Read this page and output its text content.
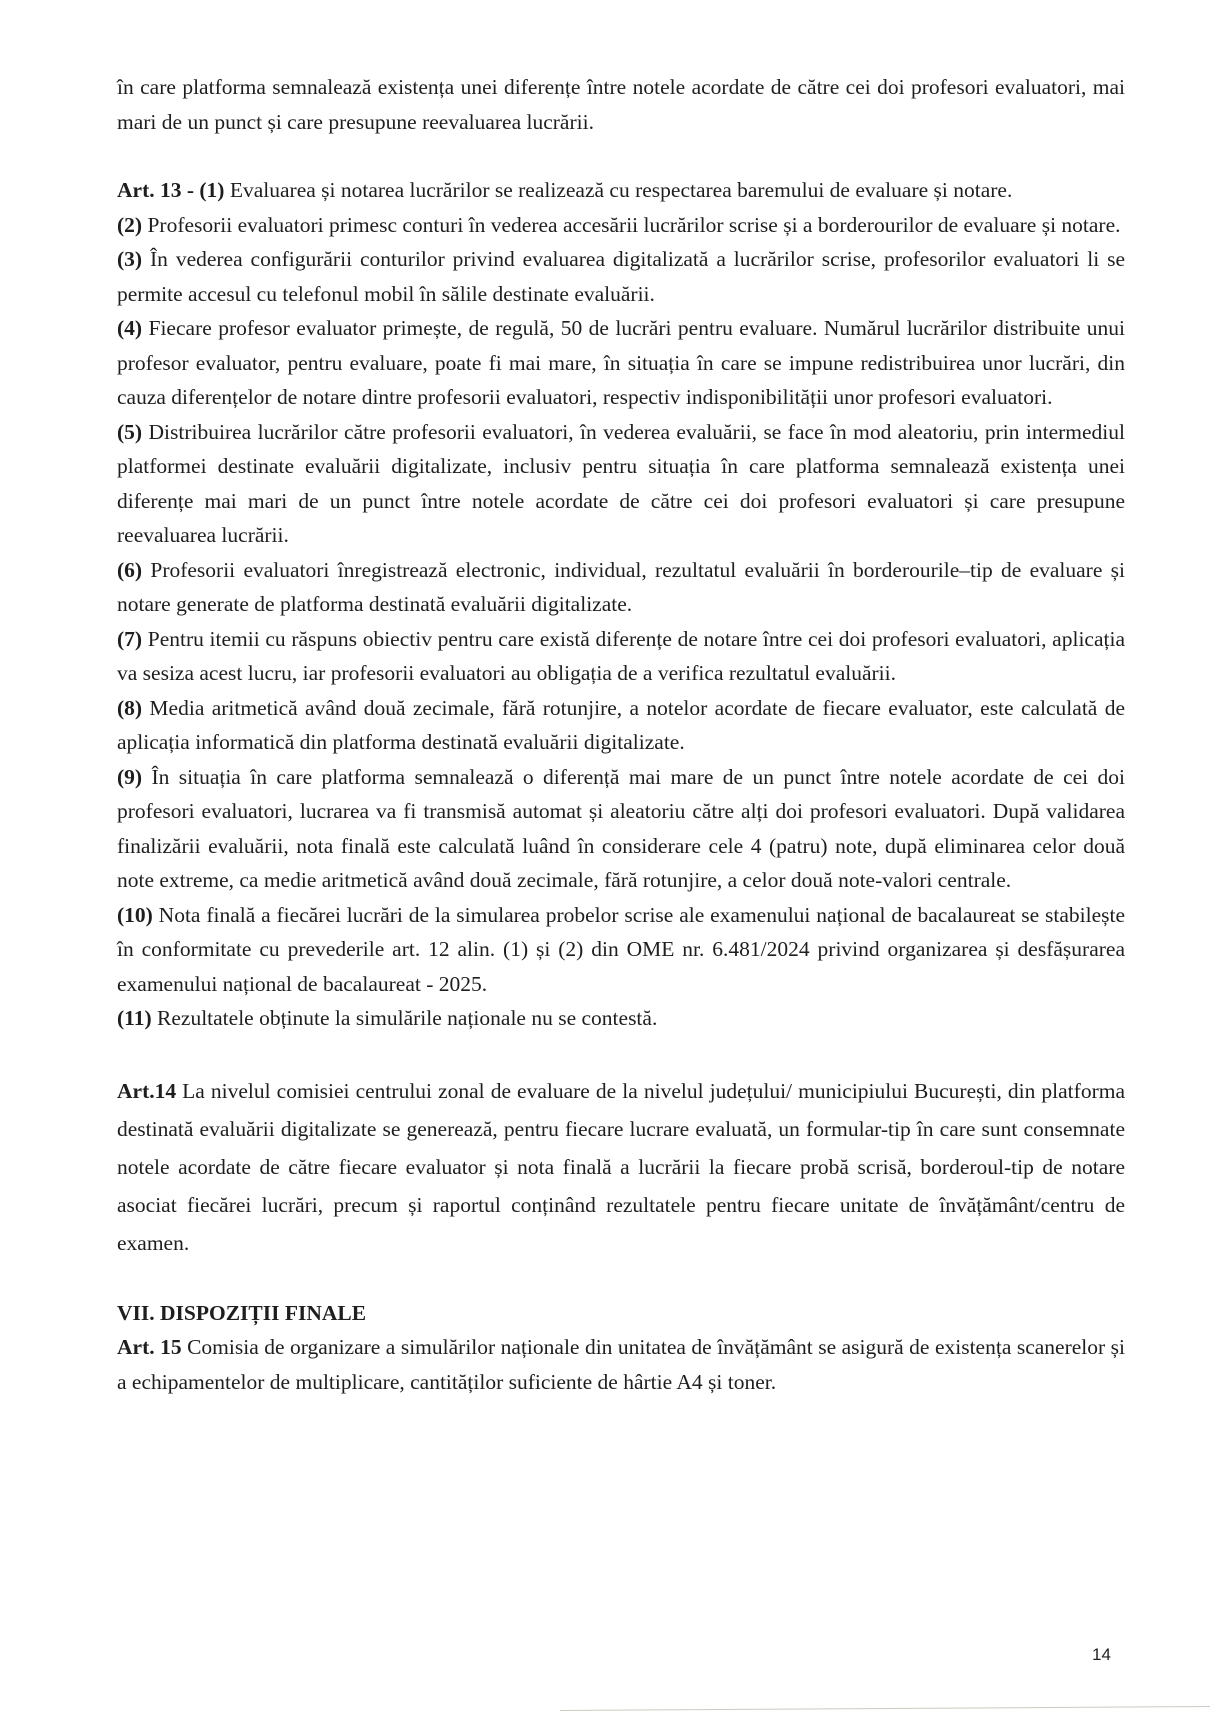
în care platforma semnalează existența unei diferențe între notele acordate de către cei doi profesori evaluatori, mai mari de un punct și care presupune reevaluarea lucrării.

Art. 13 - (1) Evaluarea și notarea lucrărilor se realizează cu respectarea baremului de evaluare și notare.

(2) Profesorii evaluatori primesc conturi în vederea accesării lucrărilor scrise și a borderourilor de evaluare și notare.

(3) În vederea configurării conturilor privind evaluarea digitalizată a lucrărilor scrise, profesorilor evaluatori li se permite accesul cu telefonul mobil în sălile destinate evaluării.

(4) Fiecare profesor evaluator primește, de regulă, 50 de lucrări pentru evaluare. Numărul lucrărilor distribuite unui profesor evaluator, pentru evaluare, poate fi mai mare, în situația în care se impune redistribuirea unor lucrări, din cauza diferențelor de notare dintre profesorii evaluatori, respectiv indisponibilității unor profesori evaluatori.

(5) Distribuirea lucrărilor către profesorii evaluatori, în vederea evaluării, se face în mod aleatoriu, prin intermediul platformei destinate evaluării digitalizate, inclusiv pentru situația în care platforma semnalează existența unei diferențe mai mari de un punct între notele acordate de către cei doi profesori evaluatori și care presupune reevaluarea lucrării.

(6) Profesorii evaluatori înregistrează electronic, individual, rezultatul evaluării în borderourile–tip de evaluare și notare generate de platforma destinată evaluării digitalizate.

(7) Pentru itemii cu răspuns obiectiv pentru care există diferențe de notare între cei doi profesori evaluatori, aplicația va sesiza acest lucru, iar profesorii evaluatori au obligația de a verifica rezultatul evaluării.

(8) Media aritmetică având două zecimale, fără rotunjire, a notelor acordate de fiecare evaluator, este calculată de aplicația informatică din platforma destinată evaluării digitalizate.

(9) În situația în care platforma semnalează o diferență mai mare de un punct între notele acordate de cei doi profesori evaluatori, lucrarea va fi transmisă automat și aleatoriu către alți doi profesori evaluatori. După validarea finalizării evaluării, nota finală este calculată luând în considerare cele 4 (patru) note, după eliminarea celor două note extreme, ca medie aritmetică având două zecimale, fără rotunjire, a celor două note-valori centrale.

(10) Nota finală a fiecărei lucrări de la simularea probelor scrise ale examenului național de bacalaureat se stabilește în conformitate cu prevederile art. 12 alin. (1) și (2) din OME nr. 6.481/2024 privind organizarea și desfășurarea examenului național de bacalaureat - 2025.

(11) Rezultatele obținute la simulările naționale nu se contestă.

Art.14 La nivelul comisiei centrului zonal de evaluare de la nivelul județului/ municipiului București, din platforma destinată evaluării digitalizate se generează, pentru fiecare lucrare evaluată, un formular-tip în care sunt consemnate notele acordate de către fiecare evaluator și nota finală a lucrării la fiecare probă scrisă, borderoul-tip de notare asociat fiecărei lucrări, precum și raportul conținând rezultatele pentru fiecare unitate de învățământ/centru de examen.

VII. DISPOZIȚII FINALE

Art. 15 Comisia de organizare a simulărilor naționale din unitatea de învățământ se asigură de existența scanerelor și a echipamentelor de multiplicare, cantităților suficiente de hârtie A4 și toner.

14
